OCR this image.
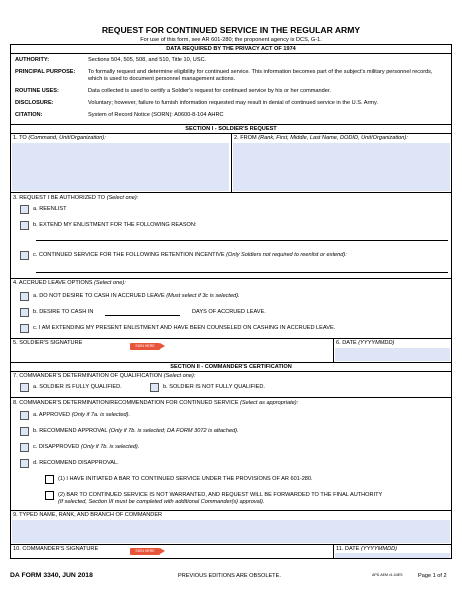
REQUEST FOR CONTINUED SERVICE IN THE REGULAR ARMY
For use of this form, see AR 601-280; the proponent agency is DCS, G-1.
DATA REQUIRED BY THE PRIVACY ACT OF 1974
AUTHORITY:	Sections 504, 505, 508, and 510, Title 10, USC.
PRINCIPAL PURPOSE: To formally request and determine eligibility for continued service. This information becomes part of the subject's military personnel records, which is used to document personnel management actions.
ROUTINE USES:	Data collected is used to certify a Soldier's request for continued service by his or her commander.
DISCLOSURE:	Voluntary; however, failure to furnish information requested may result in denial of continued service in the U.S. Army.
CITATION:	System of Record Notice (SORN): A0600-8-104 AHRC
SECTION I - SOLDIER'S REQUEST
1. TO (Command, Unit/Organization):	2. FROM (Rank, First, Middle, Last Name, DODID, Unit/Organization):
3. REQUEST I BE AUTHORIZED TO (Select one):
a. REENLIST
b. EXTEND MY ENLISTMENT FOR THE FOLLOWING REASON:
c. CONTINUED SERVICE FOR THE FOLLOWING RETENTION INCENTIVE (Only Soldiers not required to reenlist or extend):
4. ACCRUED LEAVE OPTIONS (Select one):
a. DO NOT DESIRE TO CASH IN ACCRUED LEAVE (Must select if 3c is selected).
b. DESIRE TO CASH IN	DAYS OF ACCRUED LEAVE.
c. I AM EXTENDING MY PRESENT ENLISTMENT AND HAVE BEEN COUNSELED ON CASHING IN ACCRUED LEAVE.
5. SOLDIER'S SIGNATURE	SIGN HERE	6. DATE (YYYYMMDD)
SECTION II - COMMANDER'S CERTIFICATION
7. COMMANDER'S DETERMINATION OF QUALIFICATION (Select one):
a. SOLDIER IS FULLY QUALIFIED.	b. SOLDIER IS NOT FULLY QUALIFIED.
8. COMMANDER'S DETERMINATION/RECOMMENDATION FOR CONTINUED SERVICE (Select as appropriate):
a. APPROVED (Only if 7a. is selected).
b. RECOMMEND APPROVAL (Only if 7b. is selected; DA FORM 3072 is attached).
c. DISAPPROVED (Only if 7b. is selected).
d. RECOMMEND DISAPPROVAL.
(1) I HAVE INITIATED A BAR TO CONTINUED SERVICE UNDER THE PROVISIONS OF AR 601-280.
(2) BAR TO CONTINUED SERVICE IS NOT WARRANTED, AND REQUEST WILL BE FORWARDED TO THE FINAL AUTHORITY
(If selected, Section III must be completed with additional Commander(s) approval).
9. TYPED NAME, RANK, AND BRANCH OF COMMANDER
10. COMMANDER'S SIGNATURE	SIGN HERE	11. DATE (YYYYMMDD)
DA FORM 3340, JUN 2018	PREVIOUS EDITIONS ARE OBSOLETE.	APD AEM v1.04ES	Page 1 of 2
